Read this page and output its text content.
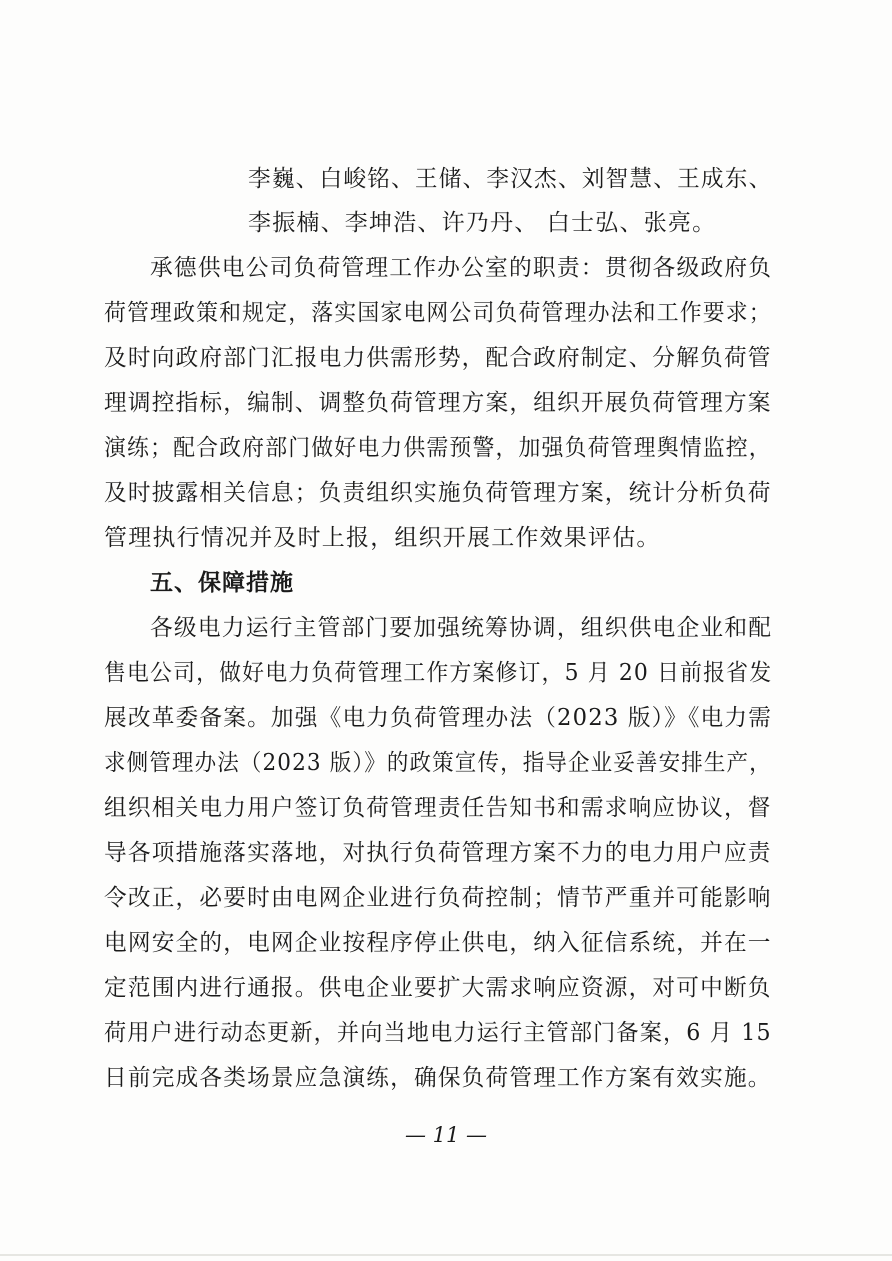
李巍、白峻铭、王储、李汉杰、刘智慧、王成东、
李振楠、李坤浩、许乃丹、 白士弘、张亮。
承德供电公司负荷管理工作办公室的职责：贯彻各级政府负
荷管理政策和规定，落实国家电网公司负荷管理办法和工作要求；
及时向政府部门汇报电力供需形势，配合政府制定、分解负荷管
理调控指标，编制、调整负荷管理方案，组织开展负荷管理方案
演练；配合政府部门做好电力供需预警，加强负荷管理舆情监控，
及时披露相关信息；负责组织实施负荷管理方案，统计分析负荷
管理执行情况并及时上报，组织开展工作效果评估。
五、保障措施
各级电力运行主管部门要加强统筹协调，组织供电企业和配
售电公司，做好电力负荷管理工作方案修订，5 月 20 日前报省发
展改革委备案。加强《电力负荷管理办法（2023 版）》《电力需
求侧管理办法（2023 版）》的政策宣传，指导企业妥善安排生产，
组织相关电力用户签订负荷管理责任告知书和需求响应协议，督
导各项措施落实落地，对执行负荷管理方案不力的电力用户应责
令改正，必要时由电网企业进行负荷控制；情节严重并可能影响
电网安全的，电网企业按程序停止供电，纳入征信系统，并在一
定范围内进行通报。供电企业要扩大需求响应资源，对可中断负
荷用户进行动态更新，并向当地电力运行主管部门备案，6 月 15
日前完成各类场景应急演练，确保负荷管理工作方案有效实施。
— 11 —
